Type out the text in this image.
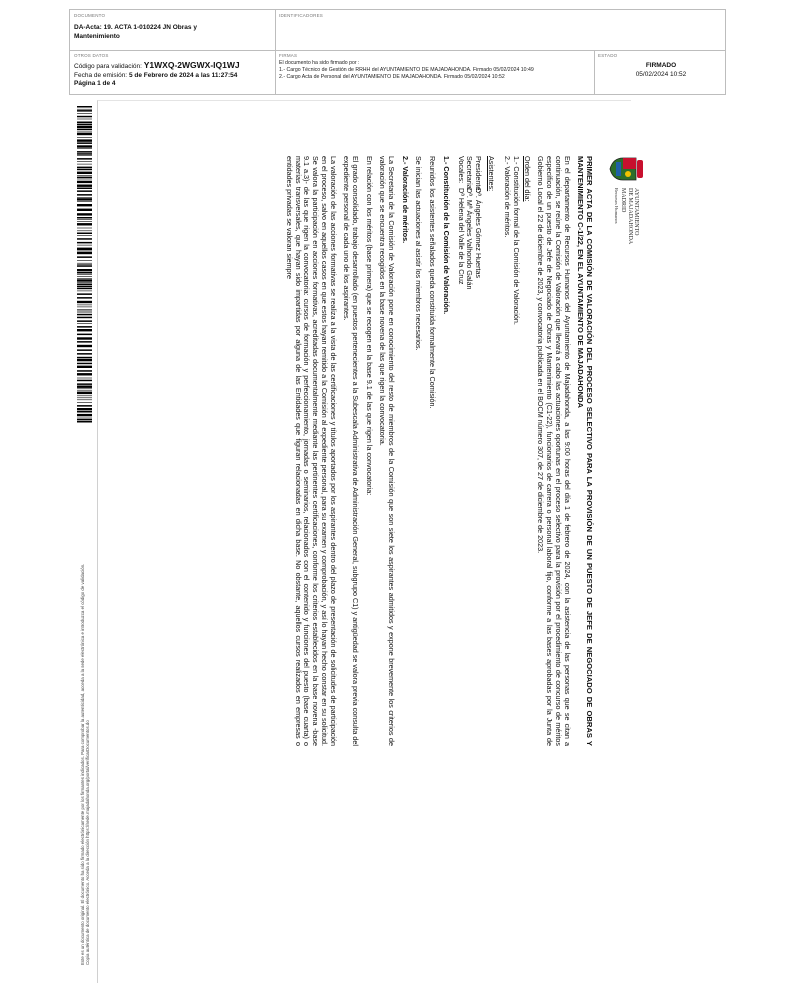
DOCUMENTO
DA-Acta: 19. ACTA 1-010224 JN Obras y Mantenimiento
IDENTIFICADORES
OTROS DATOS
Código para validación: Y1WXQ-2WGWX-IQ1WJ
Fecha de emisión: 5 de Febrero de 2024 a las 11:27:54
Página 1 de 4
FIRMAS
El documento ha sido firmado por :
1.- Cargo Técnico de Gestión de RRHH del AYUNTAMIENTO DE MAJADAHONDA. Firmado 05/02/2024 10:49
2.- Cargo Acta de Personal del AYUNTAMIENTO DE MAJADAHONDA. Firmado 05/02/2024 10:52
ESTADO
FIRMADO
05/02/2024 10:52
Este es un documento original. El documento ha sido firmado electrónicamente por los firmantes indicados. Para comprobar la autenticidad, acceda a la sede electrónica e introduzca el código de validación. Copia auténtica de documento electrónico. Acceda a la dirección https://sede.majadahonda.org/portal/verificarDocumentos.do
AYUNTAMIENTO
DE MAJADAHONDA
MADRID
Recursos Humanos

PRIMER ACTA DE LA COMISIÓN DE VALORACIÓN DEL PROCESO SELECTIVO PARA LA PROVISIÓN DE UN PUESTO DE JEFE DE NEGOCIADO DE OBRAS Y MANTENIMIENTO C-1/22, EN EL AYUNTAMIENTO DE MAJADAHONDA

En el departamento de Recursos Humanos del Ayuntamiento de Majadahonda, a las 9:00 horas del día 1 de febrero de 2024, con la asistencia de las personas que se citan a continuación, se reúne la Comisión de Valoración que llevará a cabo las actuaciones oportunas en el proceso selectivo para la provisión por el procedimiento de concurso de méritos específico de un puesto de Jefe de Negociado de Obras y Mantenimiento (C1-22), funcionarios de carrera o personal laboral fijo, conforme a las bases aprobadas por la Junta de Gobierno Local el 22 de diciembre de 2023, y convocatoria publicada en el BOCM número 307, de 27 de diciembre de 2023.

Orden del día:

1.- Constitución formal de la Comisión de Valoración.
2.- Valoración de méritos.

Asistentes:

Presidente:
Dª. Ángeles Gómez Huertas
Secretaria:
Dª. Mª Ángeles Valhondo Galán
Vocales:
Dª Helena del Valle de la Cruz

1.- Constitución de la Comisión de Valoración.

Reunidos los asistentes señalados queda constituida formalmente la Comisión.

Se inician las actuaciones al asistir los miembros necesarios.

2.- Valoración de méritos.

La Secretaria de la Comisión de Valoración pone en conocimiento del resto de miembros de la Comisión que son siete los aspirantes admitidos y expone brevemente los criterios de valoración que se encuentra recogidos en la base novena de las que rigen la convocatoria.

En relación con los méritos (base primera) que se recogen en la base 9.1 de las que rigen la convocatoria:

El grado consolidado, trabajo desarrollado (en puestos pertenecientes a la Subescala Administrativa de Administración General, subgrupo C1) y antigüedad se valora previa consulta del expediente personal de cada uno de los aspirantes.

La valoración de las acciones formativas se realiza a la vista de las certificaciones y títulos aportados por los aspirantes dentro del plazo de presentación de solicitudes de participación en el proceso, salvo en aquellos casos en que estos hayan remitido a la Comisión al expediente personal, para su examen y comprobación, y así lo hayan hecho constar en su solicitud. Se valora la participación en acciones formativas, acreditadas documentalmente mediante las pertinentes certificaciones, conforme los criterios establecidos en la base novena -base 9.1 a.3)- de las que rigen la convocatoria: cursos de formación y perfeccionamiento, jornadas o seminarios, relacionados con el contenido y funciones del puesto (base cuarta) o materias transversales, que hayan sido impartidas por alguna de las Entidades que figuran relacionadas en dicha base. No obstante, aquellos cursos realizados en empresas o entidades privadas se valoran siempre
